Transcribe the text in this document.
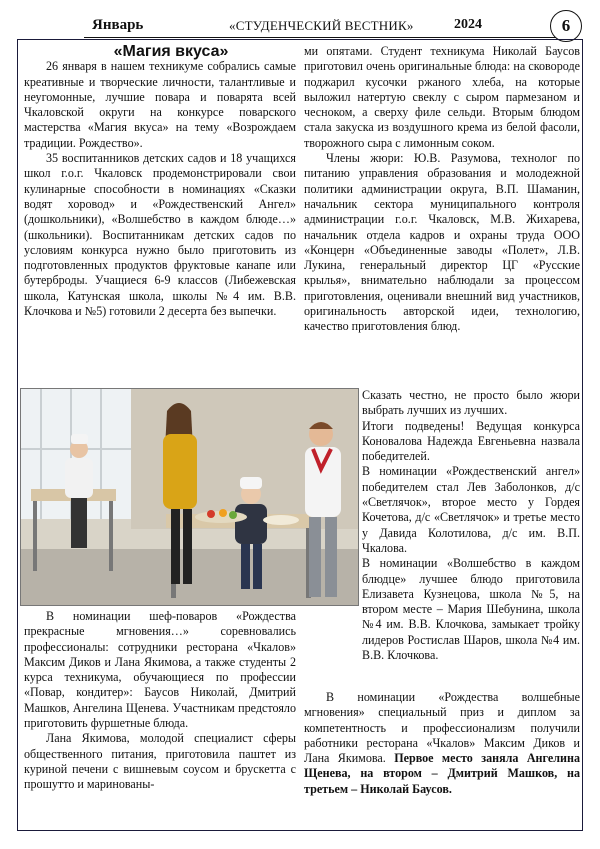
Январь	«СТУДЕНЧЕСКИЙ ВЕСТНИК»	2024	6

«Магия вкуса»

26 января в нашем техникуме собрались самые креативные и творческие личности, талантливые и неугомонные, лучшие повара и поварята всей Чкаловской округи на конкурсе поварского мастерства «Магия вкуса» на тему «Возрождаем традиции. Рождество».

35 воспитанников детских садов и 18 учащихся школ г.о.г. Чкаловск продемонстрировали свои кулинарные способности в номинациях «Сказки водят хоровод» и «Рождественский Ангел» (дошкольники), «Волшебство в каждом блюде…» (школьники). Воспитанникам детских садов по условиям конкурса нужно было приготовить из подготовленных продуктов фруктовые канапе или бутерброды. Учащиеся 6-9 классов (Либежевская школа, Катунская школа, школы №4 им. В.В. Клочкова и №5) готовили 2 десерта без выпечки.

В номинации шеф-поваров «Рождества прекрасные мгновения…» соревновались профессионалы: сотрудники ресторана «Чкалов» Максим Диков и Лана Якимова, а также студенты 2 курса техникума, обучающиеся по профессии «Повар, кондитер»: Баусов Николай, Дмитрий Машков, Ангелина Щенева. Участникам предстояло приготовить фуршетные блюда.

Лана Якимова, молодой специалист сферы общественного питания, приготовила паштет из куриной печени с вишневым соусом и брускетта с прошутто и маринованы-

ми опятами. Студент техникума Николай Баусов приготовил очень оригинальные блюда: на сковороде поджарил кусочки ржаного хлеба, на которые выложил натертую свеклу с сыром пармезаном и чесноком, а сверху филе сельди. Вторым блюдом стала закуска из воздушного крема из белой фасоли, творожного сыра с лимонным соком.

Члены жюри: Ю.В. Разумова, технолог по питанию управления образования и молодежной политики администрации округа, В.П. Шаманин, начальник сектора муниципального контроля администрации г.о.г. Чкаловск, М.В. Жихарева, начальник отдела кадров и охраны труда ООО «Концерн «Объединенные заводы «Полет», Л.В. Лукина, генеральный директор ЦГ «Русские крылья», внимательно наблюдали за процессом приготовления, оценивали внешний вид участников, оригинальность авторской идеи, технологию, качество приготовления блюд.

Сказать честно, не просто было жюри выбрать лучших из лучших.

Итоги подведены! Ведущая конкурса Коновалова Надежда Евгеньевна назвала победителей.

В номинации «Рождественский ангел» победителем стал Лев Заболонков, д/с «Светлячок», второе место у Гордея Кочетова, д/с «Светлячок» и третье место у Давида Колотилова, д/с им. В.П. Чкалова.

В номинации «Волшебство в каждом блюдце» лучшее блюдо приготовила Елизавета Кузнецова, школа №5, на втором месте – Мария Шебунина, школа №4 им. В.В. Клочкова, замыкает тройку лидеров Ростислав Шаров, школа №4 им. В.В. Клочкова.

В номинации «Рождества волшебные мгновения» специальный приз и диплом за компетентность и профессионализм получили работники ресторана «Чкалов» Максим Диков и Лана Якимова. Первое место заняла Ангелина Щенева, на втором – Дмитрий Машков, на третьем – Николай Баусов.
